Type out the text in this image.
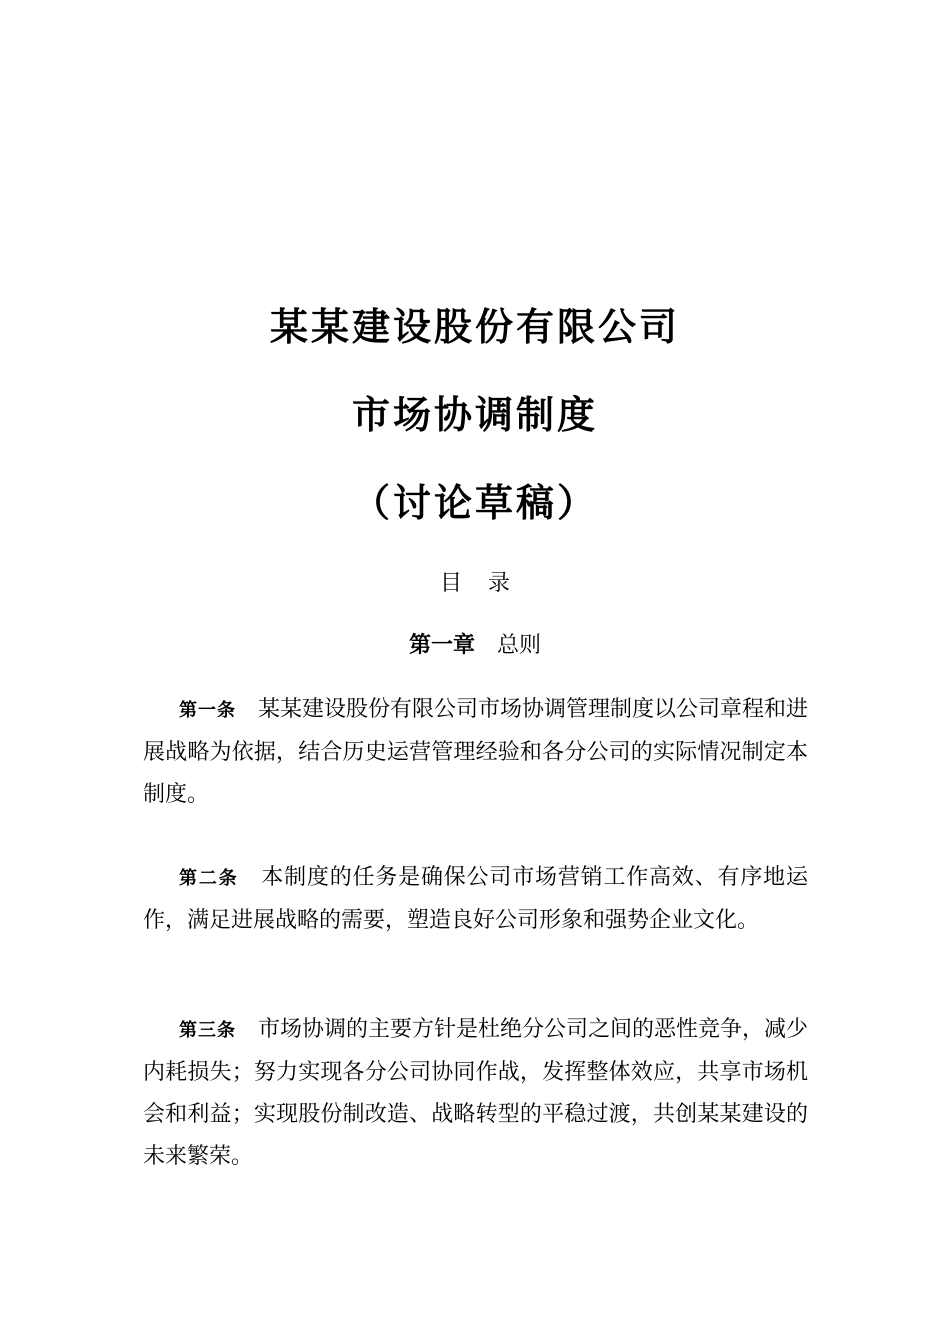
某某建设股份有限公司
市场协调制度
（讨论草稿）
目 录
第一章 总则

第一条 某某建设股份有限公司市场协调管理制度以公司章程和进展战略为依据，结合历史运营管理经验和各分公司的实际情况制定本制度。

第二条 本制度的任务是确保公司市场营销工作高效、有序地运作，满足进展战略的需要，塑造良好公司形象和强势企业文化。

第三条 市场协调的主要方针是杜绝分公司之间的恶性竞争，减少内耗损失；努力实现各分公司协同作战，发挥整体效应，共享市场机会和利益；实现股份制改造、战略转型的平稳过渡，共创某某建设的未来繁荣。
